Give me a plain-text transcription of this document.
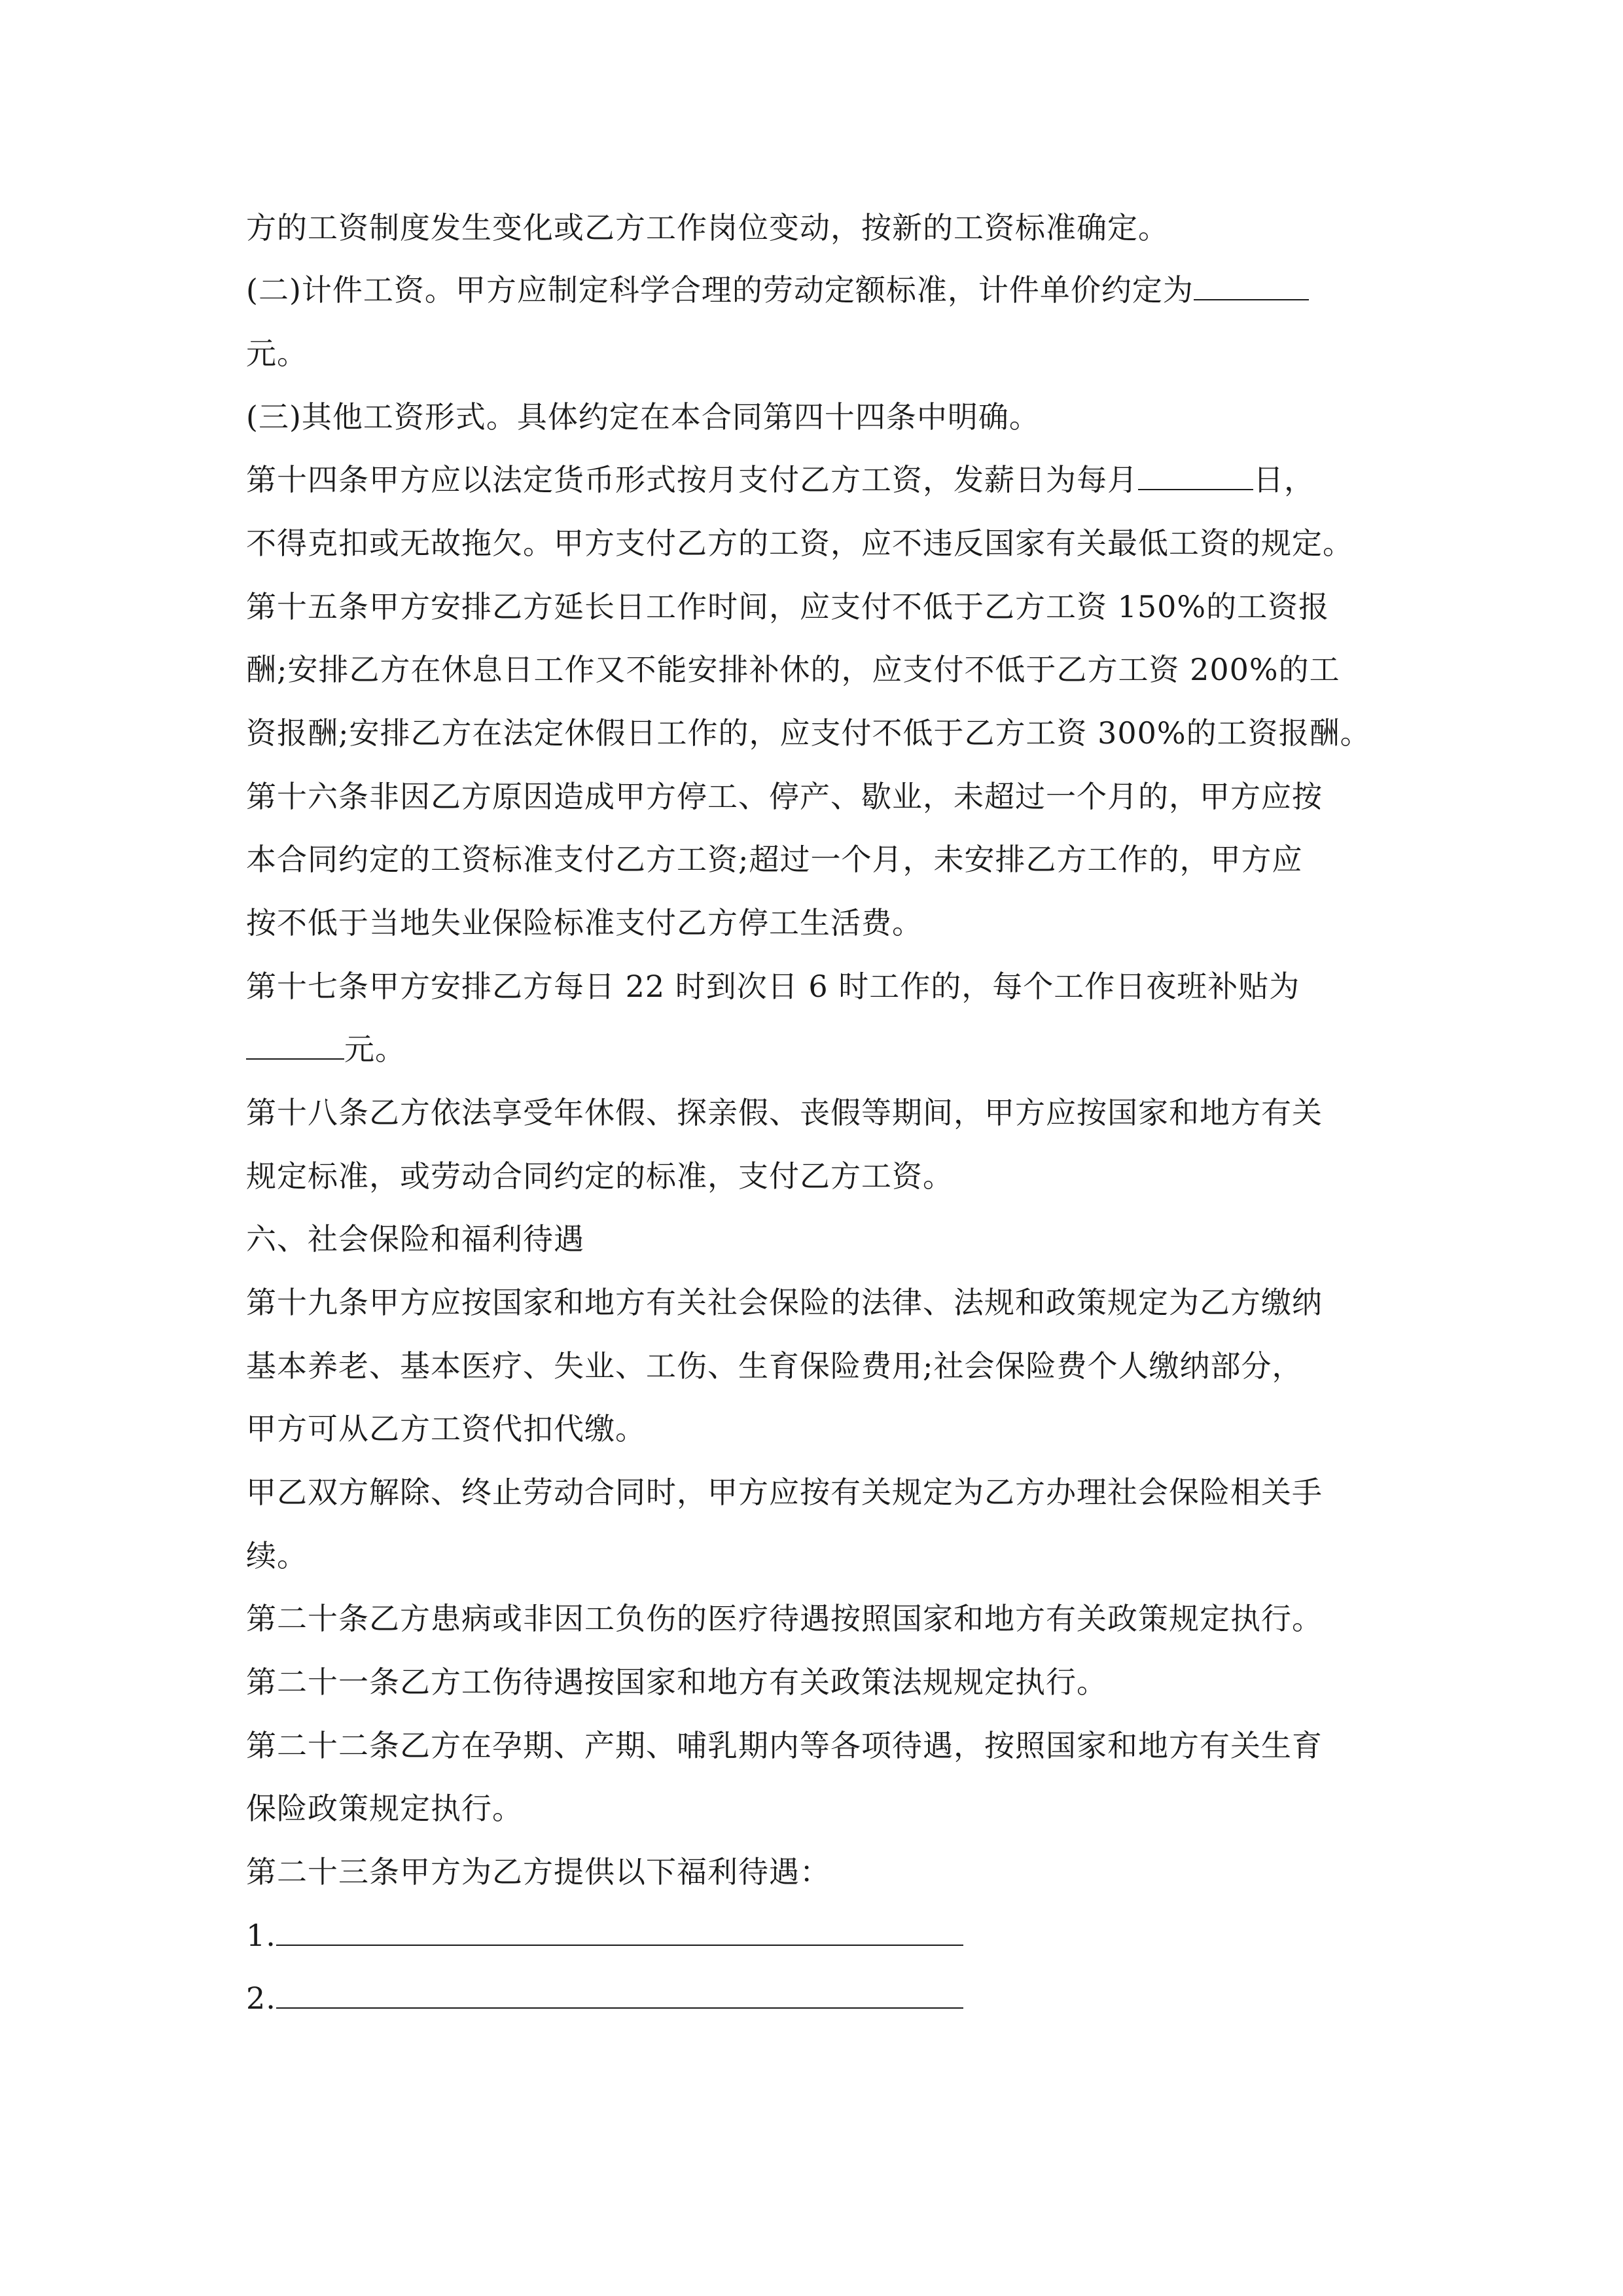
方的工资制度发生变化或乙方工作岗位变动，按新的工资标准确定。
(二)计件工资。甲方应制定科学合理的劳动定额标准，计件单价约定为
元。
(三)其他工资形式。具体约定在本合同第四十四条中明确。
第十四条甲方应以法定货币形式按月支付乙方工资，发薪日为每月	日，
不得克扣或无故拖欠。甲方支付乙方的工资，应不违反国家有关最低工资的规定。
第十五条甲方安排乙方延长日工作时间，应支付不低于乙方工资 150%的工资报
酬;安排乙方在休息日工作又不能安排补休的，应支付不低于乙方工资 200%的工
资报酬;安排乙方在法定休假日工作的，应支付不低于乙方工资 300%的工资报酬。
第十六条非因乙方原因造成甲方停工、停产、歇业，未超过一个月的，甲方应按
本合同约定的工资标准支付乙方工资;超过一个月，未安排乙方工作的，甲方应
按不低于当地失业保险标准支付乙方停工生活费。
第十七条甲方安排乙方每日 22 时到次日 6 时工作的，每个工作日夜班补贴为
元。
第十八条乙方依法享受年休假、探亲假、丧假等期间，甲方应按国家和地方有关
规定标准，或劳动合同约定的标准，支付乙方工资。
六、社会保险和福利待遇
第十九条甲方应按国家和地方有关社会保险的法律、法规和政策规定为乙方缴纳
基本养老、基本医疗、失业、工伤、生育保险费用;社会保险费个人缴纳部分，
甲方可从乙方工资代扣代缴。
甲乙双方解除、终止劳动合同时，甲方应按有关规定为乙方办理社会保险相关手
续。
第二十条乙方患病或非因工负伤的医疗待遇按照国家和地方有关政策规定执行。
第二十一条乙方工伤待遇按国家和地方有关政策法规规定执行。
第二十二条乙方在孕期、产期、哺乳期内等各项待遇，按照国家和地方有关生育
保险政策规定执行。
第二十三条甲方为乙方提供以下福利待遇：
1.
2.
